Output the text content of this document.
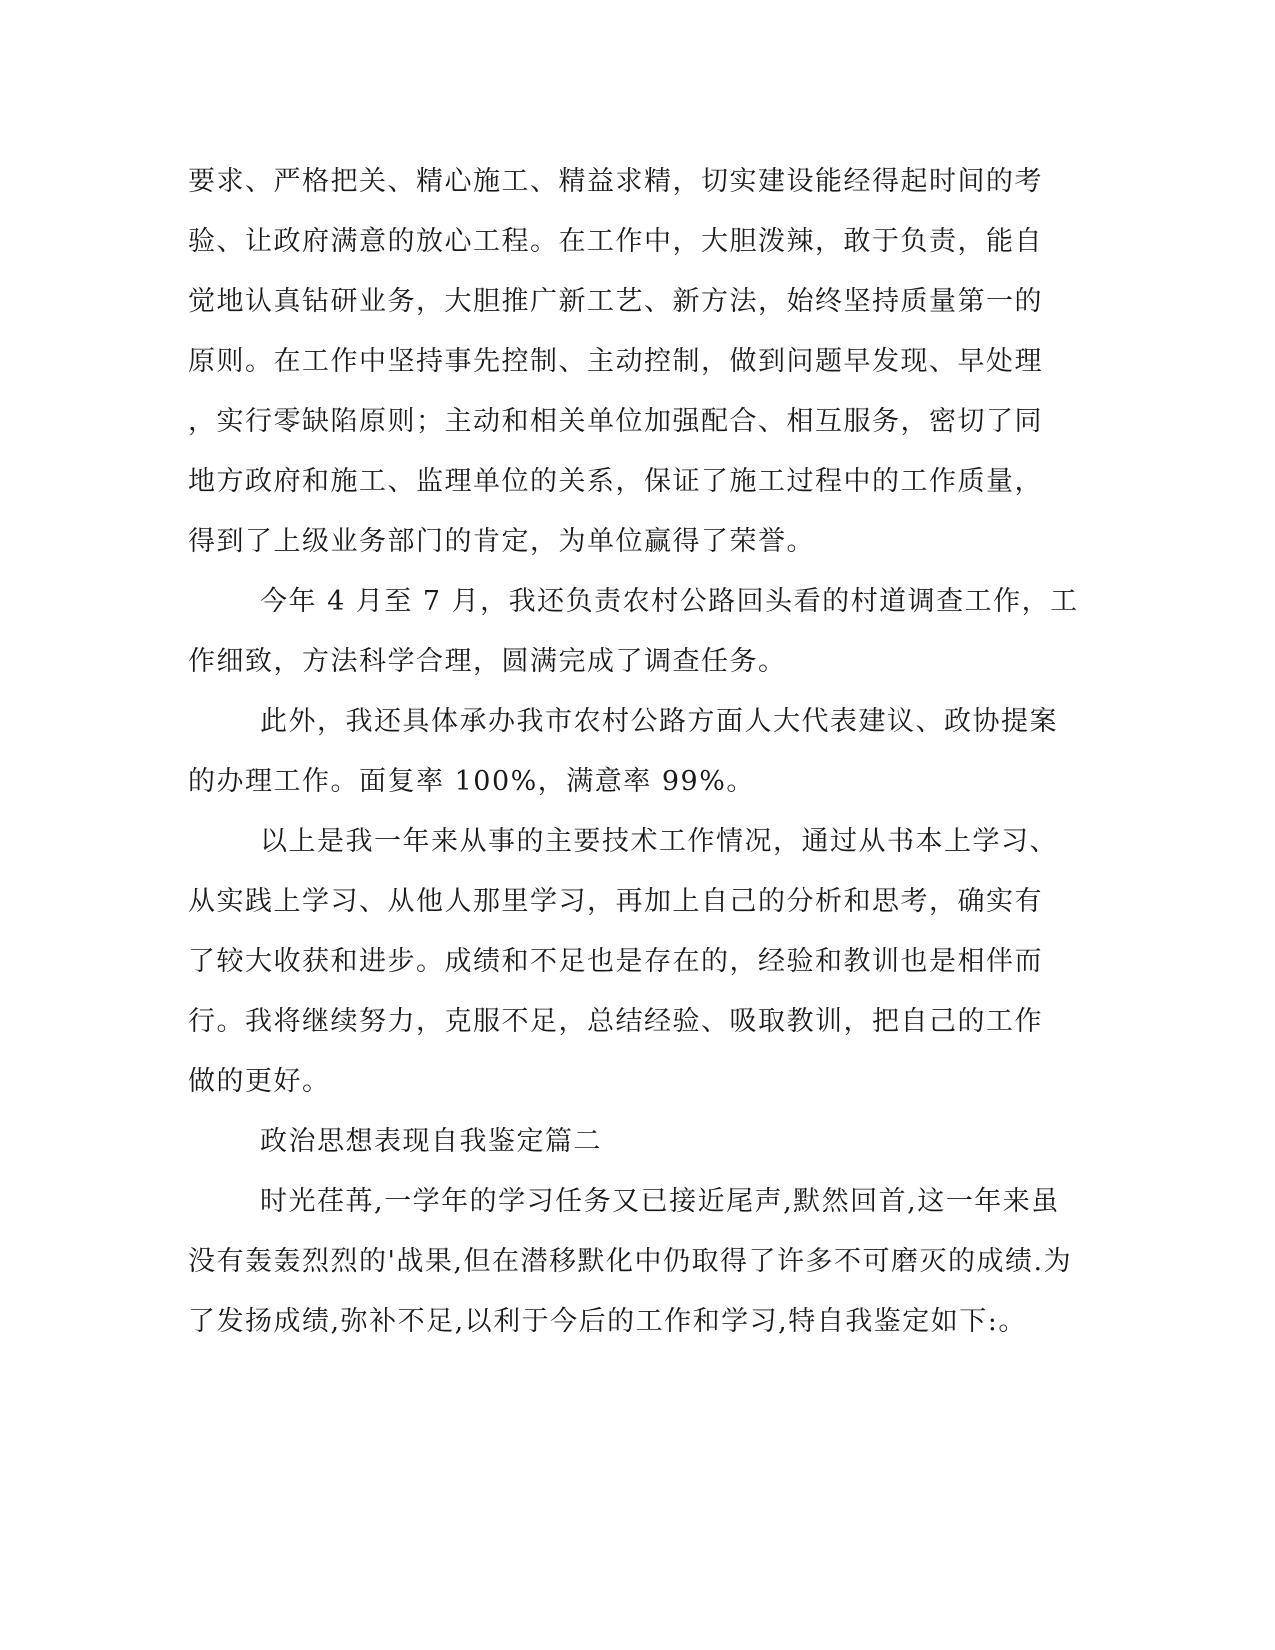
要求、严格把关、精心施工、精益求精，切实建设能经得起时间的考
验、让政府满意的放心工程。在工作中，大胆泼辣，敢于负责，能自
觉地认真钻研业务，大胆推广新工艺、新方法，始终坚持质量第一的
原则。在工作中坚持事先控制、主动控制，做到问题早发现、早处理
，实行零缺陷原则；主动和相关单位加强配合、相互服务，密切了同
地方政府和施工、监理单位的关系，保证了施工过程中的工作质量，
得到了上级业务部门的肯定，为单位赢得了荣誉。
今年 4 月至 7 月，我还负责农村公路回头看的村道调查工作，工
作细致，方法科学合理，圆满完成了调查任务。
此外，我还具体承办我市农村公路方面人大代表建议、政协提案
的办理工作。面复率 100%，满意率 99%。
以上是我一年来从事的主要技术工作情况，通过从书本上学习、
从实践上学习、从他人那里学习，再加上自己的分析和思考，确实有
了较大收获和进步。成绩和不足也是存在的，经验和教训也是相伴而
行。我将继续努力，克服不足，总结经验、吸取教训，把自己的工作
做的更好。
政治思想表现自我鉴定篇二
时光荏苒,一学年的学习任务又已接近尾声,默然回首,这一年来虽
没有轰轰烈烈的'战果,但在潜移默化中仍取得了许多不可磨灭的成绩.为
了发扬成绩,弥补不足,以利于今后的工作和学习,特自我鉴定如下:。
